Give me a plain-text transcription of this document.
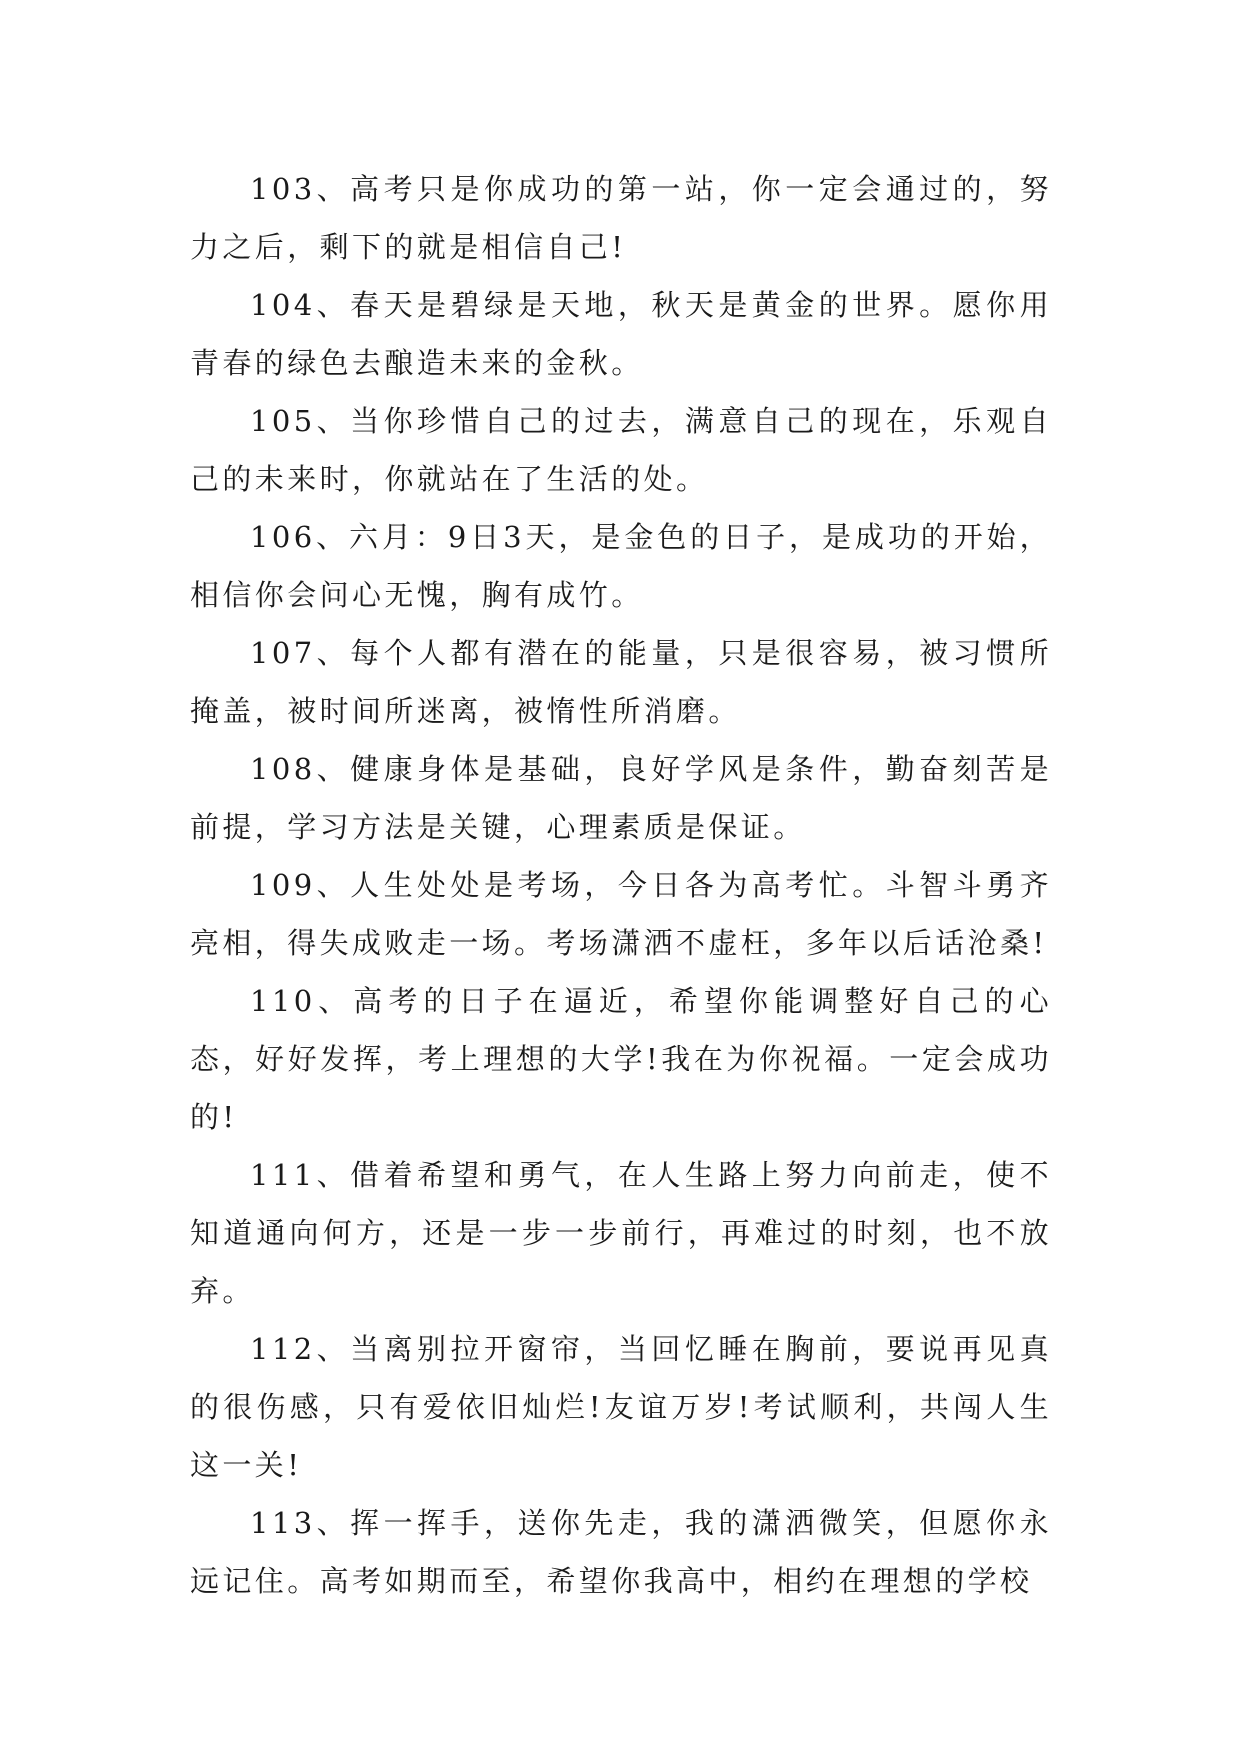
103、高考只是你成功的第一站，你一定会通过的，努力之后，剩下的就是相信自己!

104、春天是碧绿是天地，秋天是黄金的世界。愿你用青春的绿色去酿造未来的金秋。

105、当你珍惜自己的过去，满意自己的现在，乐观自己的未来时，你就站在了生活的处。

106、六月：9日3天，是金色的日子，是成功的开始，相信你会问心无愧，胸有成竹。

107、每个人都有潜在的能量，只是很容易，被习惯所掩盖，被时间所迷离，被惰性所消磨。

108、健康身体是基础，良好学风是条件，勤奋刻苦是前提，学习方法是关键，心理素质是保证。

109、人生处处是考场，今日各为高考忙。斗智斗勇齐亮相，得失成败走一场。考场潇洒不虚枉，多年以后话沧桑!

110、高考的日子在逼近，希望你能调整好自己的心态，好好发挥，考上理想的大学!我在为你祝福。一定会成功的!

111、借着希望和勇气，在人生路上努力向前走，使不知道通向何方，还是一步一步前行，再难过的时刻，也不放弃。

112、当离别拉开窗帘，当回忆睡在胸前，要说再见真的很伤感，只有爱依旧灿烂!友谊万岁!考试顺利，共闯人生这一关!

113、挥一挥手，送你先走，我的潇洒微笑，但愿你永远记住。高考如期而至，希望你我高中，相约在理想的学校
